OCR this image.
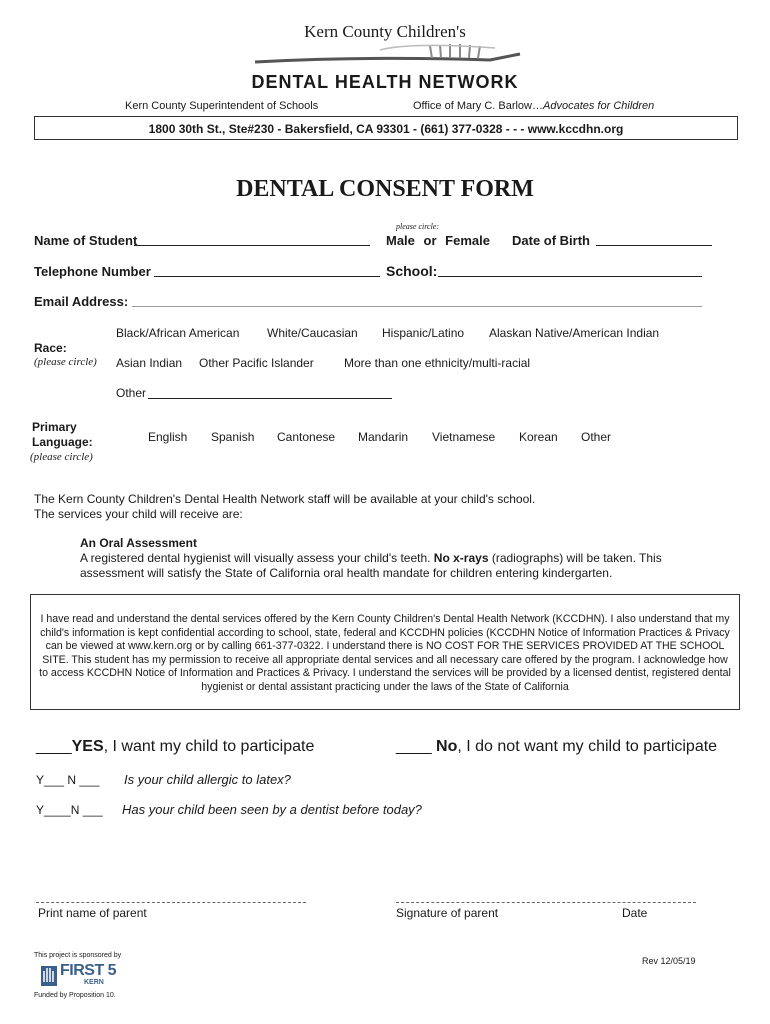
Kern County Children's
DENTAL HEALTH NETWORK
Kern County Superintendent of Schools	Office of Mary C. Barlow…Advocates for Children
1800 30th St., Ste#230 - Bakersfield, CA 93301 - (661) 377-0328 - - - www.kccdhn.org
DENTAL CONSENT FORM
please circle:
Name of Student	Male or Female Date of Birth
Telephone Number	School:
Email Address:
Black/African American White/Caucasian Hispanic/Latino Alaskan Native/American Indian
Race:
(please circle) Asian Indian Other Pacific Islander	More than one ethnicity/multi-racial
Other
Primary
Language:
(please circle)
English Spanish Cantonese Mandarin Vietnamese Korean Other
The Kern County Children's Dental Health Network staff will be available at your child's school.
The services your child will receive are:
An Oral Assessment
A registered dental hygienist will visually assess your child's teeth. No x-rays (radiographs) will be taken. This
assessment will satisfy the State of California oral health mandate for children entering kindergarten.
I have read and understand the dental services offered by the Kern County Children's Dental Health Network (KCCDHN). I also understand that my child's information is kept confidential according to school, state, federal and KCCDHN policies (KCCDHN Notice of Information Practices & Privacy can be viewed at www.kern.org or by calling 661-377-0322. I understand there is NO COST FOR THE SERVICES PROVIDED AT THE SCHOOL SITE. This student has my permission to receive all appropriate dental services and all necessary care offered by the program. I acknowledge how to access KCCDHN Notice of Information and Practices & Privacy. I understand the services will be provided by a licensed dentist, registered dental hygienist or dental assistant practicing under the laws of the State of California
____YES, I want my child to participate	____ No, I do not want my child to participate
Y___ N ___ Is your child allergic to latex?
Y____N ___ Has your child been seen by a dentist before today?
Print name of parent	Signature of parent	Date
This project is sponsored by
FIRST 5
KERN
Funded by Proposition 10.
Rev 12/05/19
